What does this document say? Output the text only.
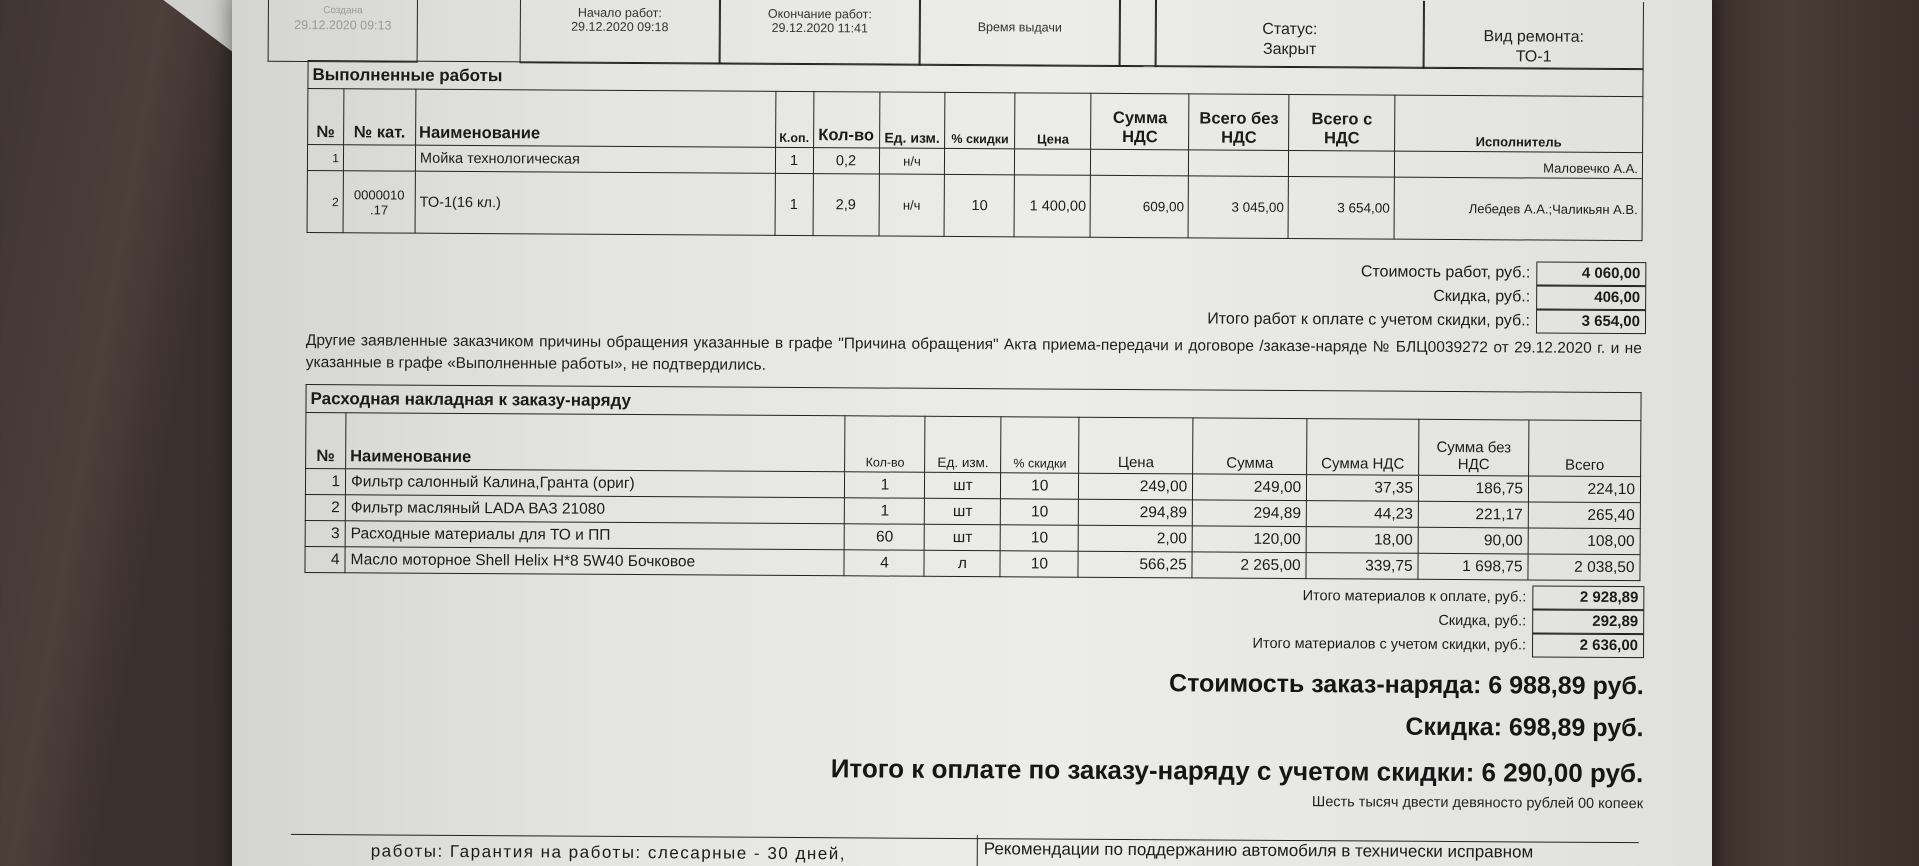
Создана
29.12.2020 09:13
Начало работ:
29.12.2020 09:18
Окончание работ:
29.12.2020 11:41	Время выдачи	Статус:
Закрыт
Вид ремонта:
ТО-1
Выполненные работы
№	№ кат.	Наименование	К.оп.	Кол-во	Ед. изм.	% скидки	Цена	Сумма НДС	Всего без НДС	Всего с НДС	Исполнитель
1		Мойка технологическая	1	0,2	н/ч						Маловечко А.А.
2	0000010 .17	ТО-1(16 кл.)	1	2,9	н/ч	10	1 400,00	609,00	3 045,00	3 654,00	Лебедев А.А.;Чаликьян А.В.
Стоимость работ, руб.:	4 060,00
Скидка, руб.:	406,00
Итого работ к оплате с учетом скидки, руб.:	3 654,00
Другие заявленные заказчиком причины обращения указанные в графе "Причина обращения" Акта приема-передачи и договоре /заказе-наряде № БЛЦ0039272 от 29.12.2020 г. и не указанные в графе «Выполненные работы», не подтвердились.
Расходная накладная к заказу-наряду
№	Наименование	Кол-во	Ед. изм.	% скидки	Цена	Сумма	Сумма НДС	Сумма без НДС	Всего
1	Фильтр салонный Калина,Гранта (ориг)	1	шт	10	249,00	249,00	37,35	186,75	224,10
2	Фильтр масляный LADA ВАЗ 21080	1	шт	10	294,89	294,89	44,23	221,17	265,40
3	Расходные материалы для ТО и ПП	60	шт	10	2,00	120,00	18,00	90,00	108,00
4	Масло моторное Shell Helix H*8 5W40 Бочковое	4	л	10	566,25	2 265,00	339,75	1 698,75	2 038,50
Итого материалов к оплате, руб.:	2 928,89
Скидка, руб.:	292,89
Итого материалов с учетом скидки, руб.:	2 636,00
Стоимость заказ-наряда: 6 988,89 руб.
Скидка: 698,89 руб.
Итого к оплате по заказу-наряду с учетом скидки: 6 290,00 руб.
Шесть тысяч двести девяносто рублей 00 копеек
работы: Гарантия на работы: слесарные - 30 дней,	Рекомендации по поддержанию автомобиля в технически исправном
